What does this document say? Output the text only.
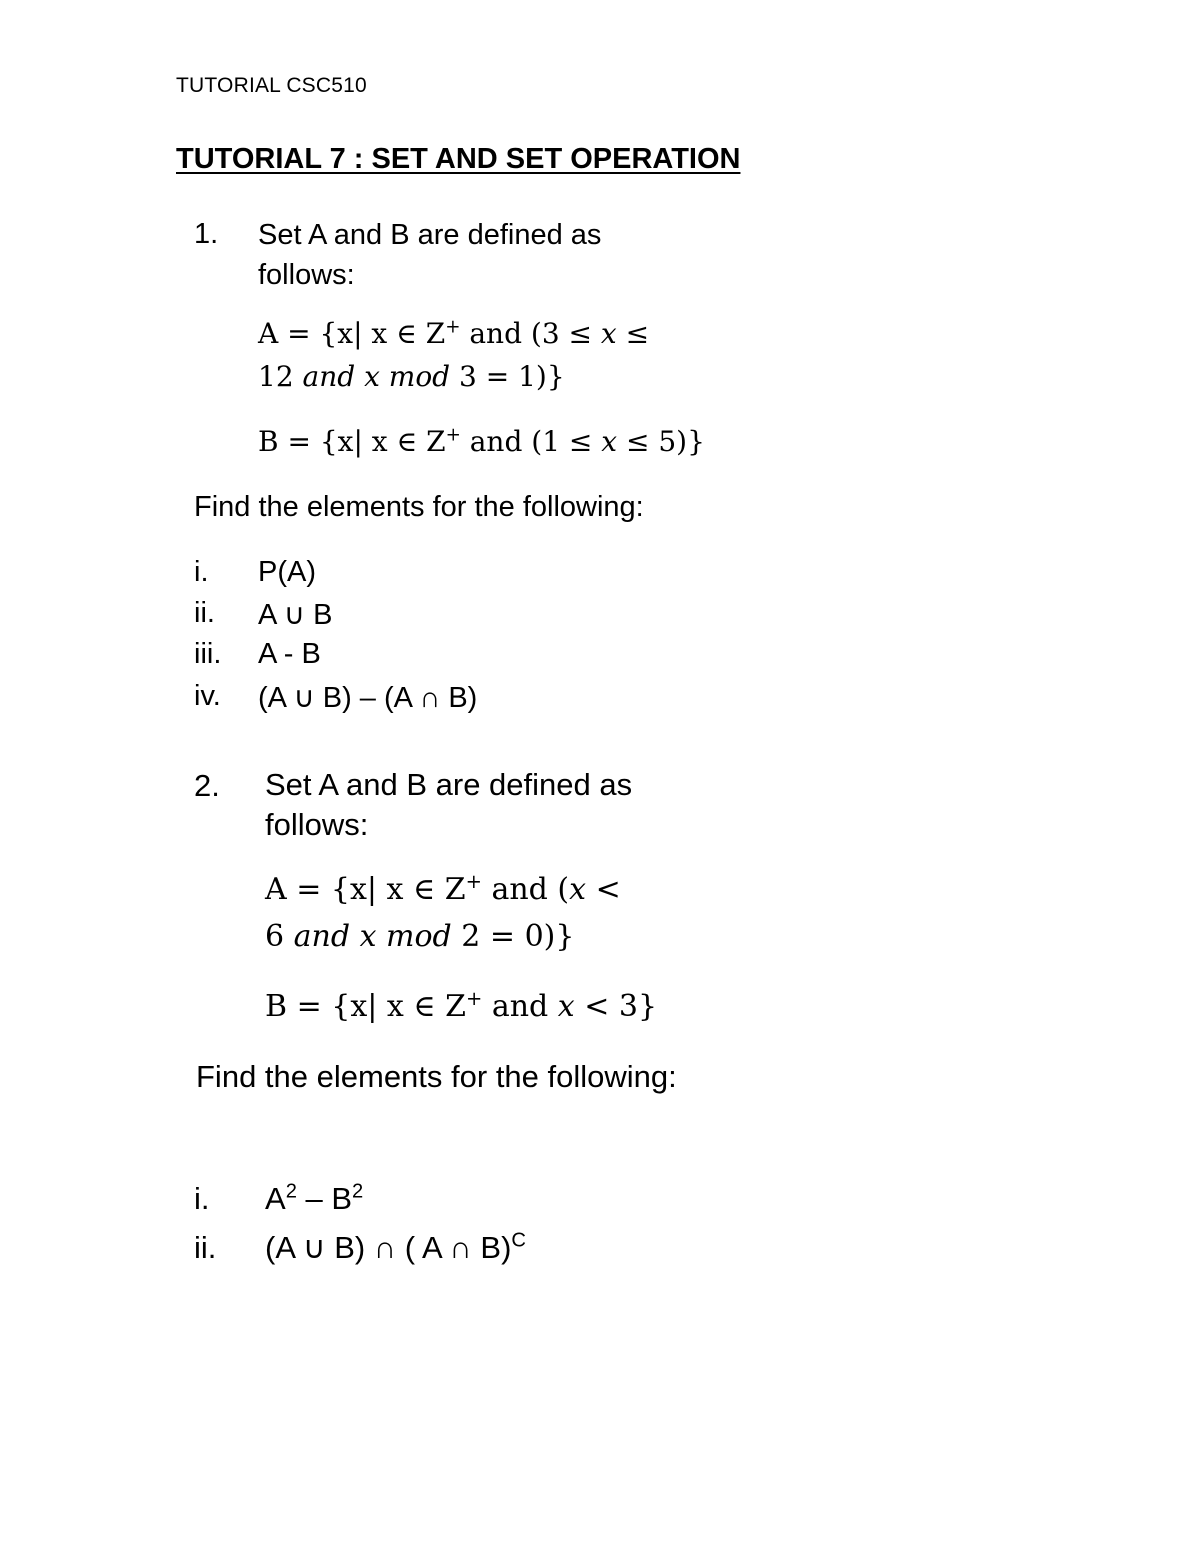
TUTORIAL CSC510
TUTORIAL 7 : SET AND SET OPERATION
1. Set A and B are defined as follows:
A = {x| x ∈ Z+ and (3 ≤ x ≤
12 and x mod 3 = 1)}
B = {x| x ∈ Z+ and (1 ≤ x ≤ 5)}
Find the elements for the following:
i. P(A)
ii. A ∪ B
iii. A - B
iv. (A ∪ B) – (A ∩ B)
2. Set A and B are defined as follows:
A = {x| x ∈ Z+ and (x <
6 and x mod 2 = 0)}
B = {x| x ∈ Z+ and x < 3}
Find the elements for the following:
i. $A^2 - B^2$
ii. (A ∪ B) ∩ ( A ∩ B)$^C$
